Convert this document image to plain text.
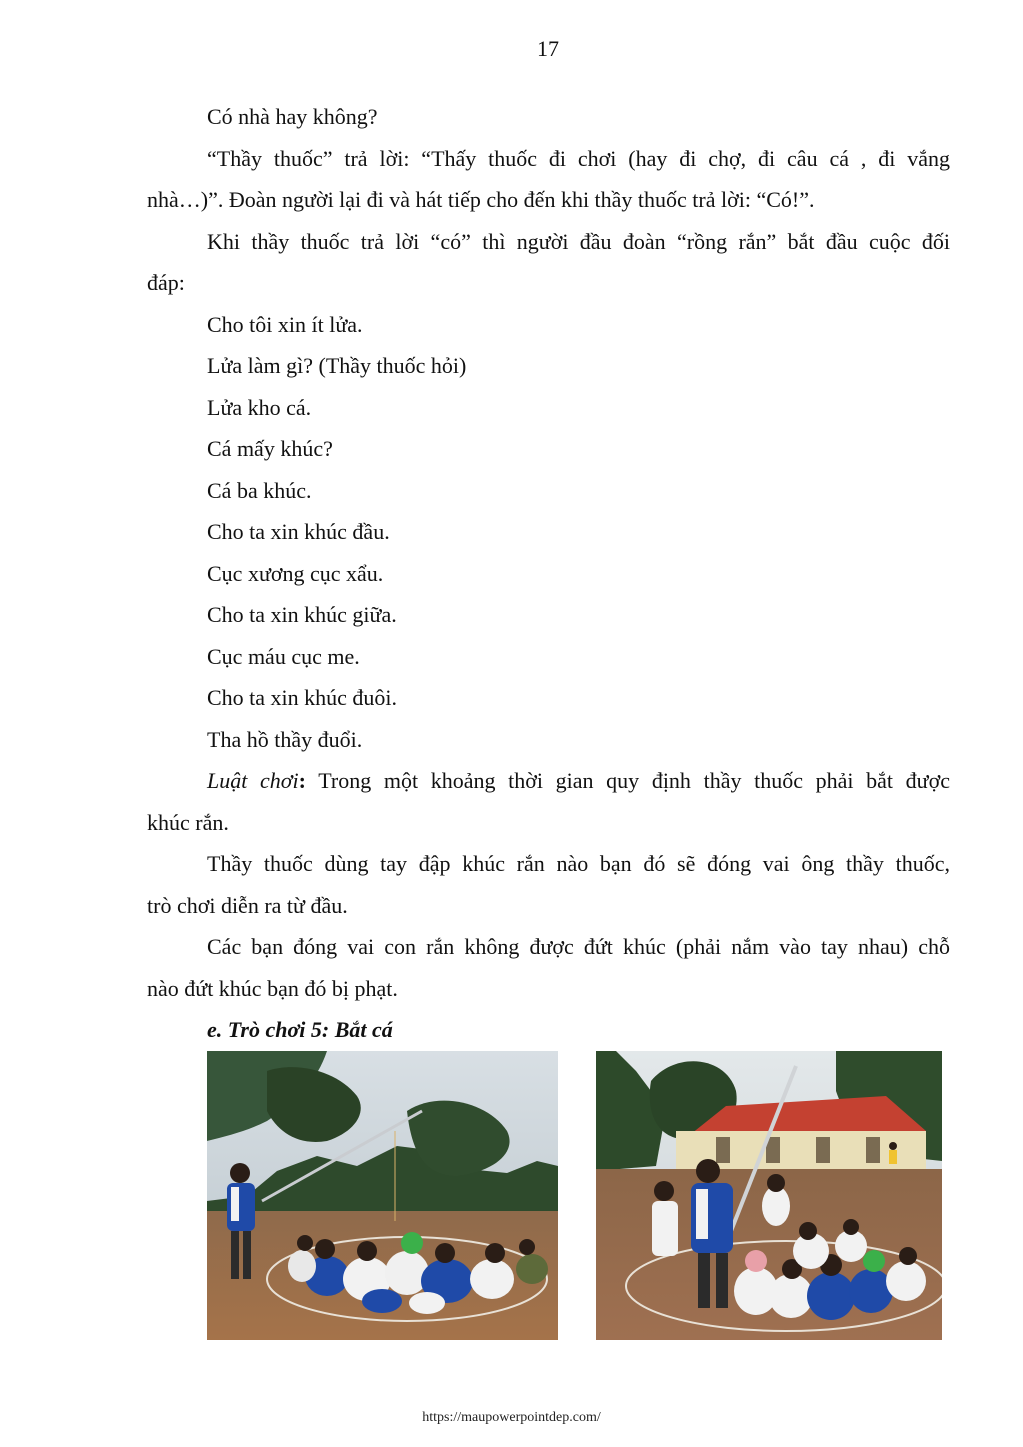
17

Có nhà hay không?

“Thầy thuốc” trả lời: “Thấy thuốc đi chơi (hay đi chợ, đi câu cá , đi vắng

nhà…)”. Đoàn người lại đi và hát tiếp cho đến khi thầy thuốc trả lời: “Có!”.

Khi thầy thuốc trả lời “có” thì người đầu đoàn “rồng rắn” bắt đầu cuộc đối

đáp:

Cho tôi xin ít lửa.

Lửa làm gì? (Thầy thuốc hỏi)

Lửa kho cá.

Cá mấy khúc?

Cá ba khúc.

Cho ta xin khúc đầu.

Cục xương cục xẩu.

Cho ta xin khúc giữa.

Cục máu cục me.

Cho ta xin khúc đuôi.

Tha hồ thầy đuổi.

Luật chơi: Trong một khoảng thời gian quy định thầy thuốc phải bắt được

khúc rắn.

Thầy thuốc dùng tay đập khúc rắn nào bạn đó sẽ đóng vai ông thầy thuốc,

trò chơi diễn ra từ đầu.

Các bạn đóng vai con rắn không được đứt khúc (phải nắm vào tay nhau) chỗ

nào đứt khúc bạn đó bị phạt.

e. Trò chơi 5: Bắt cá

https://maupowerpointdep.com/
